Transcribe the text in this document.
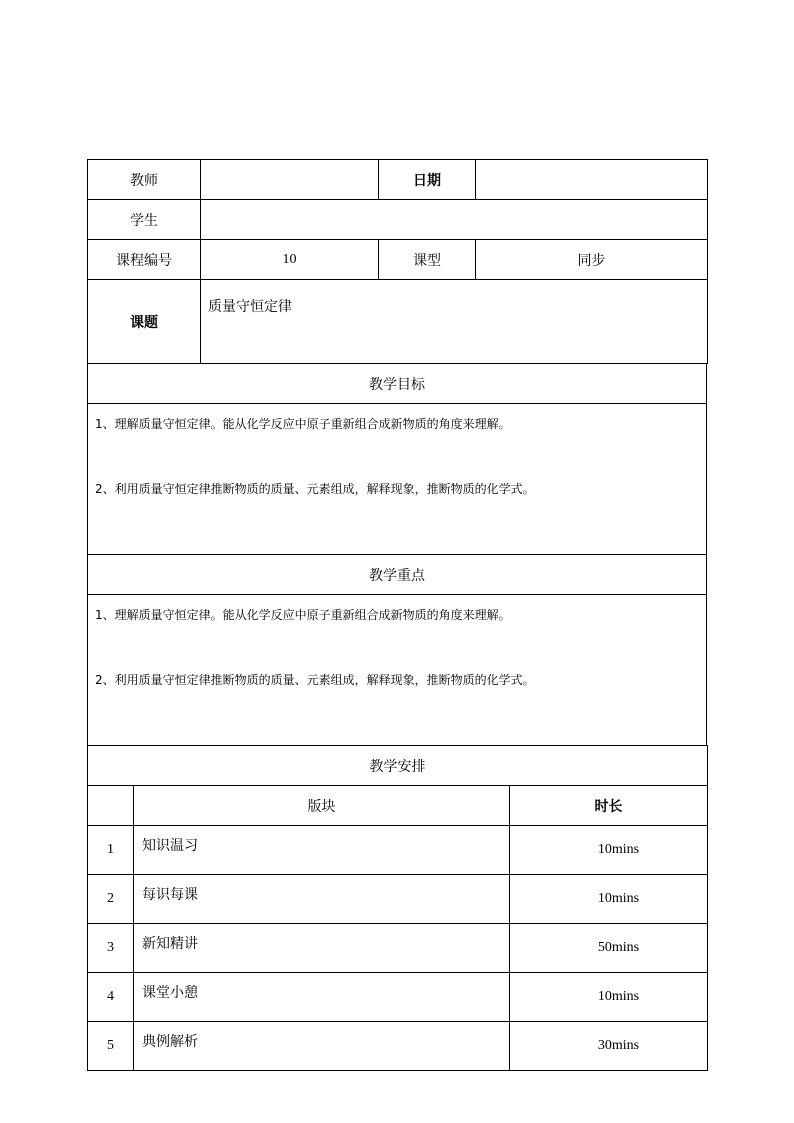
教师		日期	
学生			
课程编号	10	课型	同步
课题	质量守恒定律		
教学目标

1、理解质量守恒定律。能从化学反应中原子重新组合成新物质的角度来理解。

2、利用质量守恒定律推断物质的质量、元素组成，解释现象，推断物质的化学式。

教学重点

1、理解质量守恒定律。能从化学反应中原子重新组合成新物质的角度来理解。

2、利用质量守恒定律推断物质的质量、元素组成，解释现象，推断物质的化学式。

教学安排		
	版块	时长
1	知识温习	10mins
2	每识每课	10mins
3	新知精讲	50mins
4	课堂小憩	10mins
5	典例解析	30mins
